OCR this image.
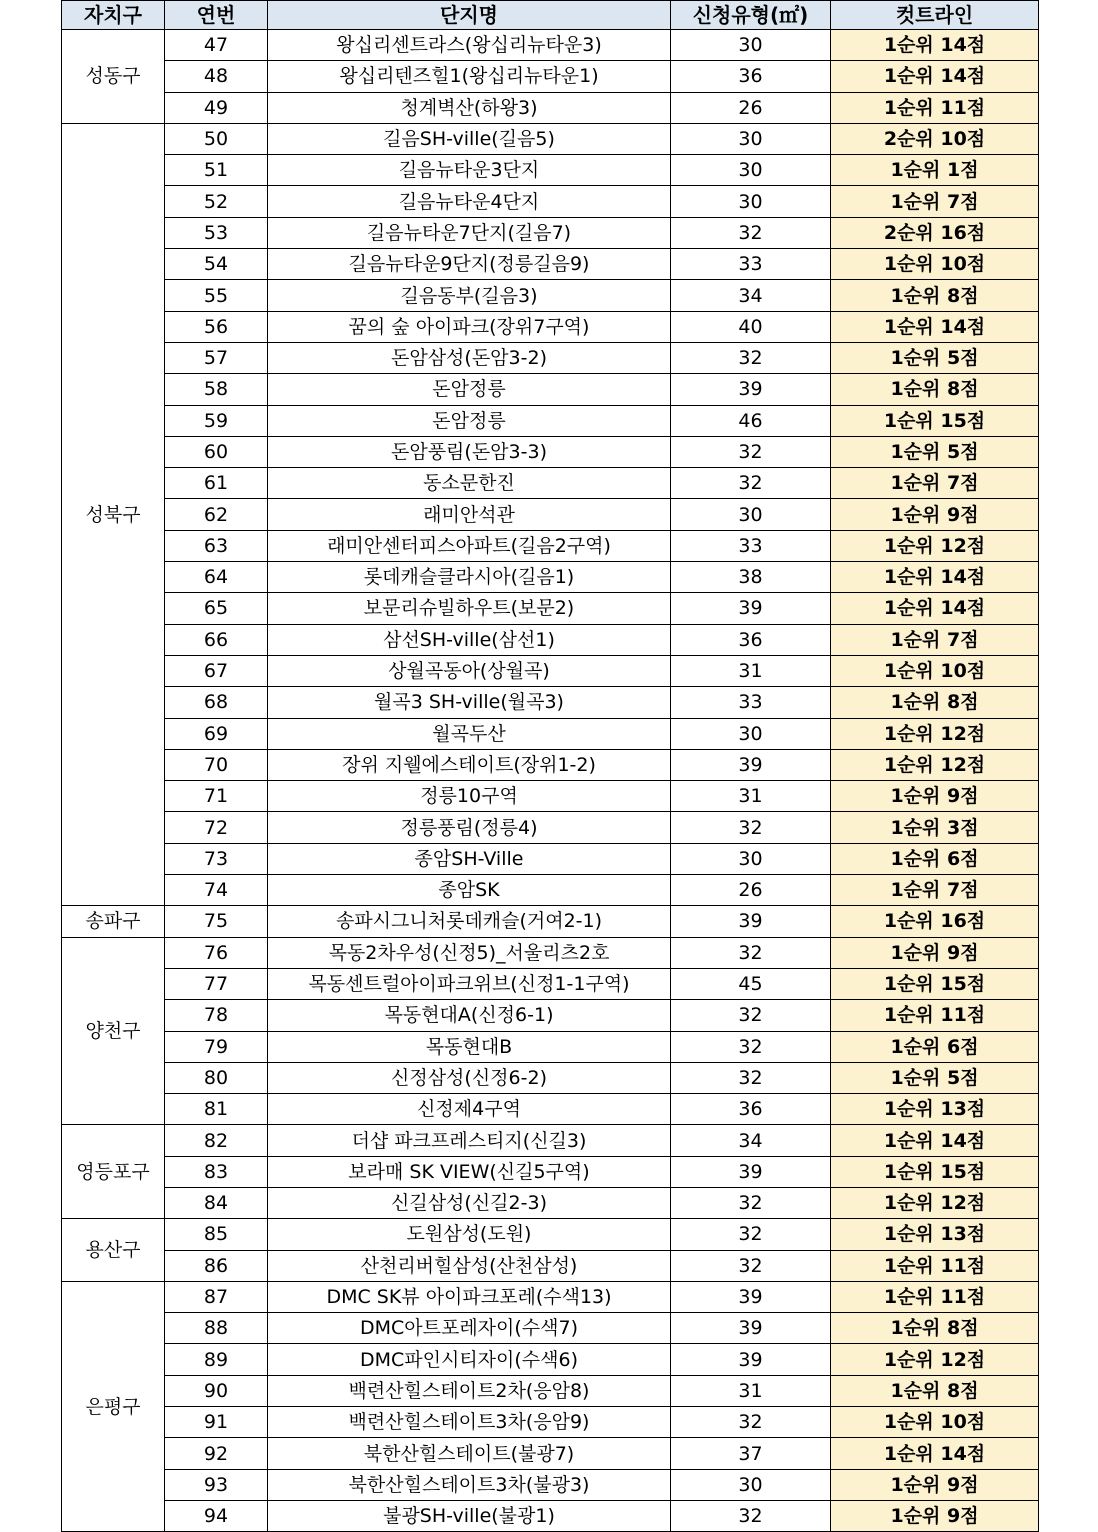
자치구	연번	단지명	신청유형(㎡)	컷트라인
성동구	47	왕십리센트라스(왕십리뉴타운3)	30	1순위 14점
	48	왕십리텐즈힐1(왕십리뉴타운1)	36	1순위 14점
	49	청계벽산(하왕3)	26	1순위 11점
성북구	50	길음SH-ville(길음5)	30	2순위 10점
	51	길음뉴타운3단지	30	1순위 1점
	52	길음뉴타운4단지	30	1순위 7점
	53	길음뉴타운7단지(길음7)	32	2순위 16점
	54	길음뉴타운9단지(정릉길음9)	33	1순위 10점
	55	길음동부(길음3)	34	1순위 8점
	56	꿈의 숲 아이파크(장위7구역)	40	1순위 14점
	57	돈암삼성(돈암3-2)	32	1순위 5점
	58	돈암정릉	39	1순위 8점
	59	돈암정릉	46	1순위 15점
	60	돈암풍림(돈암3-3)	32	1순위 5점
	61	동소문한진	32	1순위 7점
	62	래미안석관	30	1순위 9점
	63	래미안센터피스아파트(길음2구역)	33	1순위 12점
	64	롯데캐슬클라시아(길음1)	38	1순위 14점
	65	보문리슈빌하우트(보문2)	39	1순위 14점
	66	삼선SH-ville(삼선1)	36	1순위 7점
	67	상월곡동아(상월곡)	31	1순위 10점
	68	월곡3 SH-ville(월곡3)	33	1순위 8점
	69	월곡두산	30	1순위 12점
	70	장위 지웰에스테이트(장위1-2)	39	1순위 12점
	71	정릉10구역	31	1순위 9점
	72	정릉풍림(정릉4)	32	1순위 3점
	73	종암SH-Ville	30	1순위 6점
	74	종암SK	26	1순위 7점
송파구	75	송파시그니처롯데캐슬(거여2-1)	39	1순위 16점
양천구	76	목동2차우성(신정5)_서울리츠2호	32	1순위 9점
	77	목동센트럴아이파크위브(신정1-1구역)	45	1순위 15점
	78	목동현대A(신정6-1)	32	1순위 11점
	79	목동현대B	32	1순위 6점
	80	신정삼성(신정6-2)	32	1순위 5점
	81	신정제4구역	36	1순위 13점
영등포구	82	더샵 파크프레스티지(신길3)	34	1순위 14점
	83	보라매 SK VIEW(신길5구역)	39	1순위 15점
	84	신길삼성(신길2-3)	32	1순위 12점
용산구	85	도원삼성(도원)	32	1순위 13점
	86	산천리버힐삼성(산천삼성)	32	1순위 11점
은평구	87	DMC SK뷰 아이파크포레(수색13)	39	1순위 11점
	88	DMC아트포레자이(수색7)	39	1순위 8점
	89	DMC파인시티자이(수색6)	39	1순위 12점
	90	백련산힐스테이트2차(응암8)	31	1순위 8점
	91	백련산힐스테이트3차(응암9)	32	1순위 10점
	92	북한산힐스테이트(불광7)	37	1순위 14점
	93	북한산힐스테이트3차(불광3)	30	1순위 9점
	94	불광SH-ville(불광1)	32	1순위 9점
